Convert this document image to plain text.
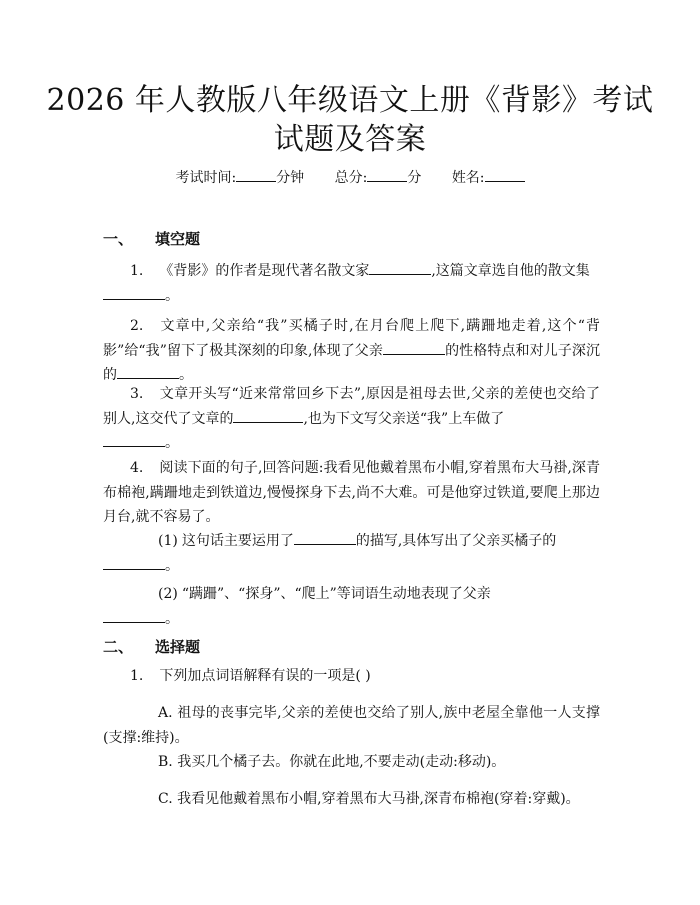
2026 年人教版八年级语文上册《背影》考试
试题及答案
考试时间:	分钟 总分:	分 姓名:
一、 填空题
1. 《背影》的作者是现代著名散文家	,这篇文章选自他的散文集
。
2. 文章中,父亲给“我”买橘子时,在月台爬上爬下,蹒跚地走着,这个“背影”给“我”留下了极其深刻的印象,体现了父亲	的性格特点和对儿子深沉的	。
3. 文章开头写“近来常常回乡下去”,原因是祖母去世,父亲的差使也交给了别人,这交代了文章的	,也为下文写父亲送“我”上车做了
。
4. 阅读下面的句子,回答问题:我看见他戴着黑布小帽,穿着黑布大马褂,深青布棉袍,蹒跚地走到铁道边,慢慢探身下去,尚不大难。可是他穿过铁道,要爬上那边月台,就不容易了。
(1) 这句话主要运用了	的描写,具体写出了父亲买橘子的
。
(2) “蹒跚”、“探身”、“爬上”等词语生动地表现了父亲
。
二、 选择题
1. 下列加点词语解释有误的一项是( )
A. 祖母的丧事完毕,父亲的差使也交给了别人,族中老屋全靠他一人支撑(支撑:维持)。
B. 我买几个橘子去。你就在此地,不要走动(走动:移动)。
C. 我看见他戴着黑布小帽,穿着黑布大马褂,深青布棉袍(穿着:穿戴)。
